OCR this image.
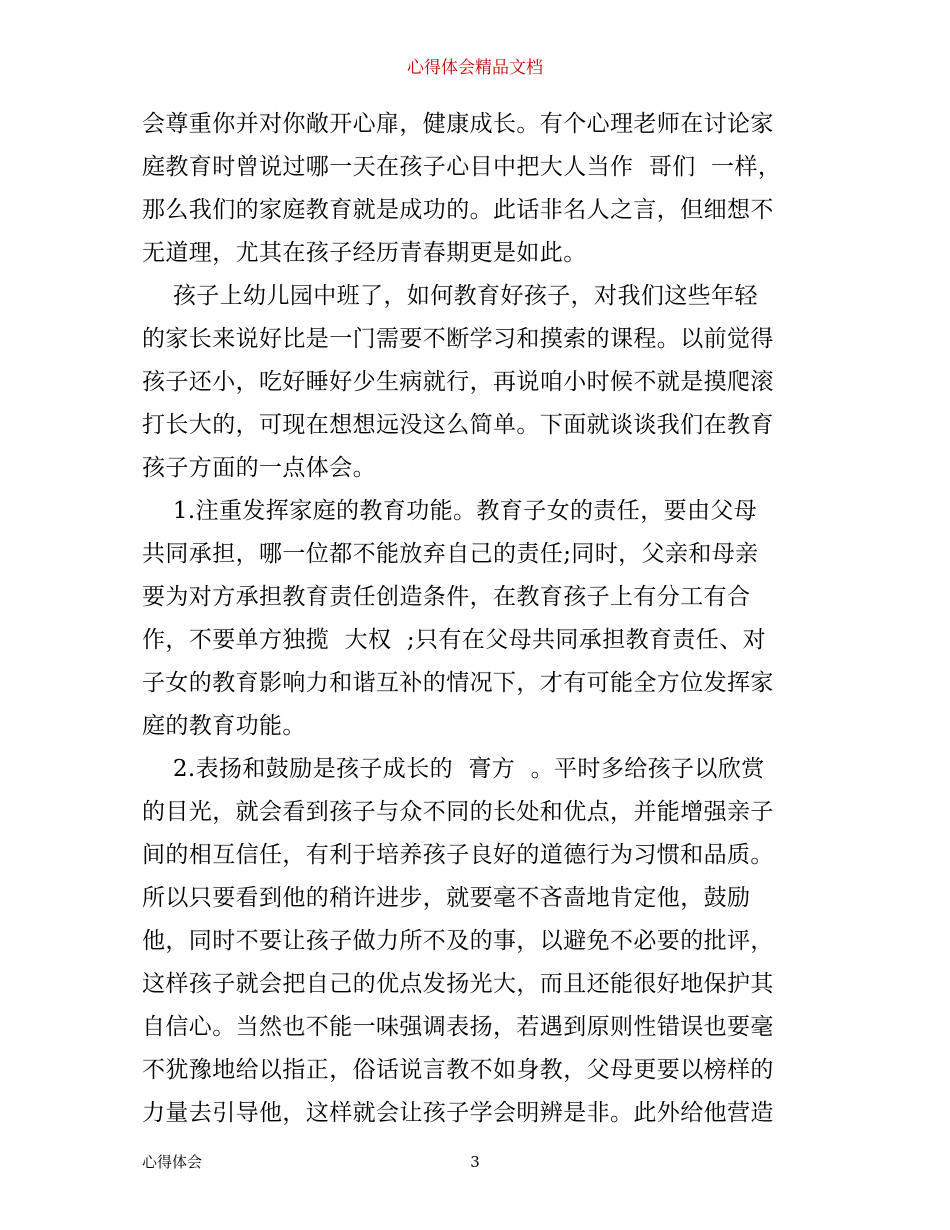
心得体会精品文档
会尊重你并对你敞开心扉，健康成长。有个心理老师在讨论家
庭教育时曾说过哪一天在孩子心目中把大人当作  哥们  一样，
那么我们的家庭教育就是成功的。此话非名人之言，但细想不
无道理，尤其在孩子经历青春期更是如此。
孩子上幼儿园中班了，如何教育好孩子，对我们这些年轻
的家长来说好比是一门需要不断学习和摸索的课程。以前觉得
孩子还小，吃好睡好少生病就行，再说咱小时候不就是摸爬滚
打长大的，可现在想想远没这么简单。下面就谈谈我们在教育
孩子方面的一点体会。
1.注重发挥家庭的教育功能。教育子女的责任，要由父母
共同承担，哪一位都不能放弃自己的责任;同时，父亲和母亲
要为对方承担教育责任创造条件，在教育孩子上有分工有合
作，不要单方独揽  大权  ;只有在父母共同承担教育责任、对
子女的教育影响力和谐互补的情况下，才有可能全方位发挥家
庭的教育功能。
2.表扬和鼓励是孩子成长的  膏方  。平时多给孩子以欣赏
的目光，就会看到孩子与众不同的长处和优点，并能增强亲子
间的相互信任，有利于培养孩子良好的道德行为习惯和品质。
所以只要看到他的稍许进步，就要毫不吝啬地肯定他，鼓励
他，同时不要让孩子做力所不及的事，以避免不必要的批评，
这样孩子就会把自己的优点发扬光大，而且还能很好地保护其
自信心。当然也不能一味强调表扬，若遇到原则性错误也要毫
不犹豫地给以指正，俗话说言教不如身教，父母更要以榜样的
力量去引导他，这样就会让孩子学会明辨是非。此外给他营造
心得体会	3
